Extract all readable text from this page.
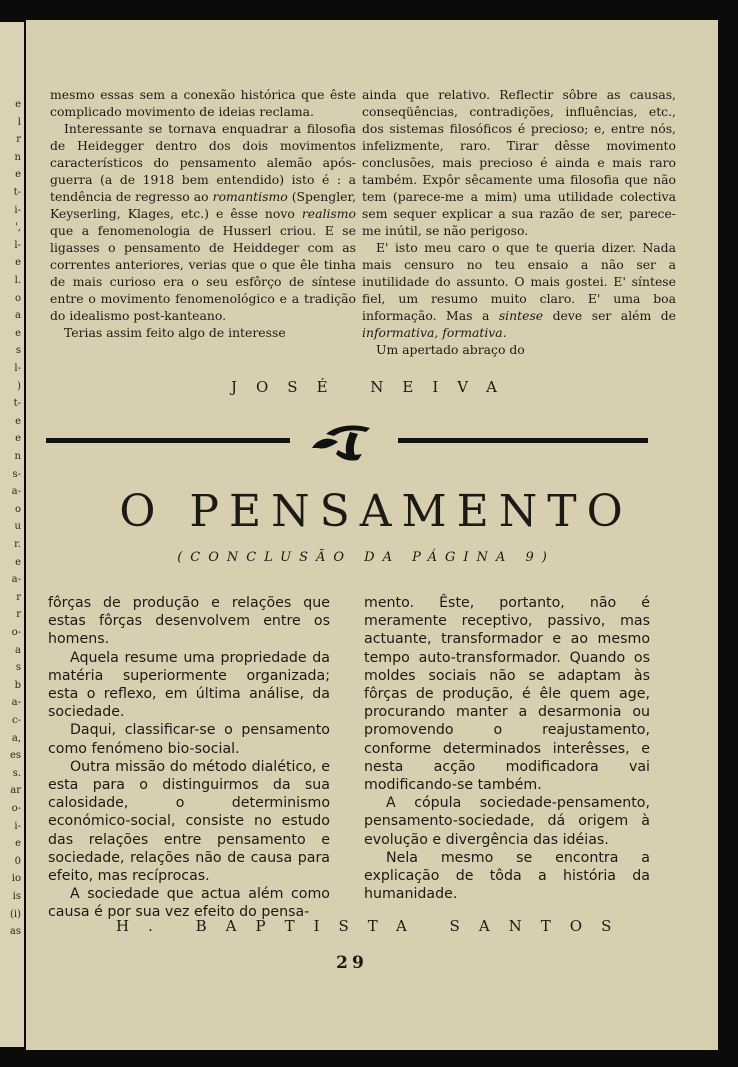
e
l
r
n
e
t-
i-
',
l-
e
l.
o
a
e
s
l-
)
t-
e
e
n
s-
a-
o
u
r.
e
a-
r
r
o-
a
s
b
a-
c-
a,
es
s.
ar
o-
i-
e
0
io
is
(i)
as

mesmo essas sem a conexão histórica que êste complicado movimento de ideias reclama.

Interessante se tornava enquadrar a filosofia de Heidegger dentro dos dois movimentos característicos do pensamento alemão após-guerra (a de 1918 bem entendido) isto é : a tendência de regresso ao romantismo (Spengler, Keyserling, Klages, etc.) e êsse novo realismo que a fenomenologia de Husserl criou. E se ligasses o pensamento de Heiddeger com as correntes anteriores, verias que o que êle tinha de mais curioso era o seu esfôrço de síntese entre o movimento fenomenológico e a tradição do idealismo post-kanteano.

Terias assim feito algo de interesse

ainda que relativo. Reflectir sôbre as causas, conseqüências, contradições, influências, etc., dos sistemas filosóficos é precioso; e, entre nós, infelizmente, raro. Tirar dêsse movimento conclusões, mais precioso é ainda e mais raro também. Expôr sêcamente uma filosofia que não tem (parece-me a mim) uma utilidade colectiva sem sequer explicar a sua razão de ser, parece-me inútil, se não perigoso.

E' isto meu caro o que te queria dizer. Nada mais censuro no teu ensaio a não ser a inutilidade do assunto. O mais gostei. E' síntese fiel, um resumo muito claro. E' uma boa informação. Mas a sintese deve ser além de informativa, formativa.

Um apertado abraço do

JOSÉ NEIVA
O PENSAMENTO
(CONCLUSÃO DA PÁGINA 9)

fôrças de produção e relações que estas fôrças desenvolvem entre os homens.

Aquela resume uma propriedade da matéria superiormente organizada; esta o reflexo, em última análise, da sociedade.

Daqui, classificar-se o pensamento como fenómeno bio-social.

Outra missão do método dialético, e esta para o distinguirmos da sua calosidade, o determinismo económico-social, consiste no estudo das relações entre pensamento e sociedade, relações não de causa para efeito, mas recíprocas.

A sociedade que actua além como causa é por sua vez efeito do pensa-

mento. Êste, portanto, não é meramente receptivo, passivo, mas actuante, transformador e ao mesmo tempo auto-transformador. Quando os moldes sociais não se adaptam às fôrças de produção, é êle quem age, procurando manter a desarmonia ou promovendo o reajustamento, conforme determinados interêsses, e nesta acção modificadora vai modificando-se também.

A cópula sociedade-pensamento, pensamento-sociedade, dá origem à evolução e divergência das idéias.

Nela mesmo se encontra a explicação de tôda a história da humanidade.

H. BAPTISTA SANTOS
29
